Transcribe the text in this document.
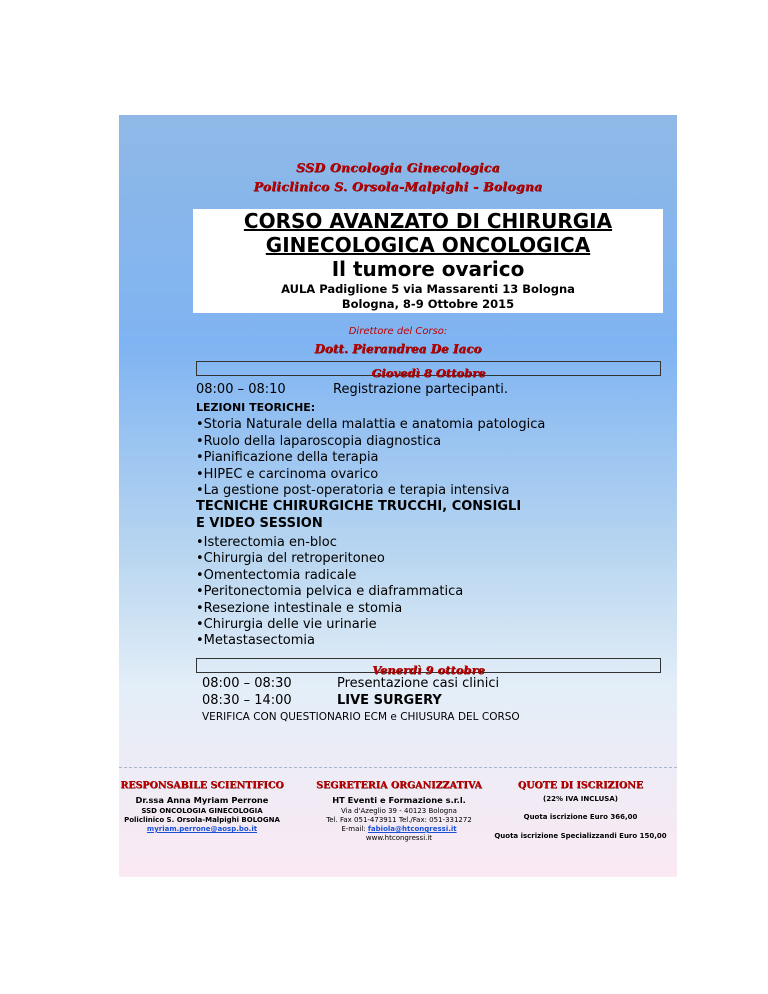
SSD Oncologia Ginecologica
Policlinico S. Orsola-Malpighi - Bologna
CORSO AVANZATO DI CHIRURGIA
GINECOLOGICA ONCOLOGICA
Il tumore ovarico
AULA Padiglione 5 via Massarenti 13 Bologna
Bologna, 8-9 Ottobre 2015
Direttore del Corso:
Dott. Pierandrea De Iaco
Giovedì 8 Ottobre
08:00 – 08:10	Registrazione partecipanti.
LEZIONI TEORICHE:
•Storia Naturale della malattia e anatomia patologica
•Ruolo della laparoscopia diagnostica
•Pianificazione della terapia
•HIPEC e carcinoma ovarico
•La gestione post-operatoria e terapia intensiva
TECNICHE CHIRURGICHE TRUCCHI, CONSIGLI
E VIDEO SESSION
•Isterectomia en-bloc
•Chirurgia del retroperitoneo
•Omentectomia radicale
•Peritonectomia pelvica e diaframmatica
•Resezione intestinale e stomia
•Chirurgia delle vie urinarie
•Metastasectomia
Venerdì 9 ottobre
08:00 – 08:30	Presentazione casi clinici
08:30 – 14:00	LIVE SURGERY
VERIFICA CON QUESTIONARIO ECM e CHIUSURA DEL CORSO
RESPONSABILE SCIENTIFICO
Dr.ssa Anna Myriam Perrone
SSD ONCOLOGIA GINECOLOGIA
Policlinico S. Orsola-Malpighi BOLOGNA
myriam.perrone@aosp.bo.it
SEGRETERIA ORGANIZZATIVA
HT Eventi e Formazione s.r.l.
Via d'Azeglio 39 - 40123 Bologna
Tel. Fax 051-473911 Tel./Fax: 051-331272
E-mail: fabiola@htcongressi.it
www.htcongressi.it
QUOTE DI ISCRIZIONE
(22% IVA INCLUSA)
Quota iscrizione Euro 366,00
Quota iscrizione Specializzandi Euro 150,00
